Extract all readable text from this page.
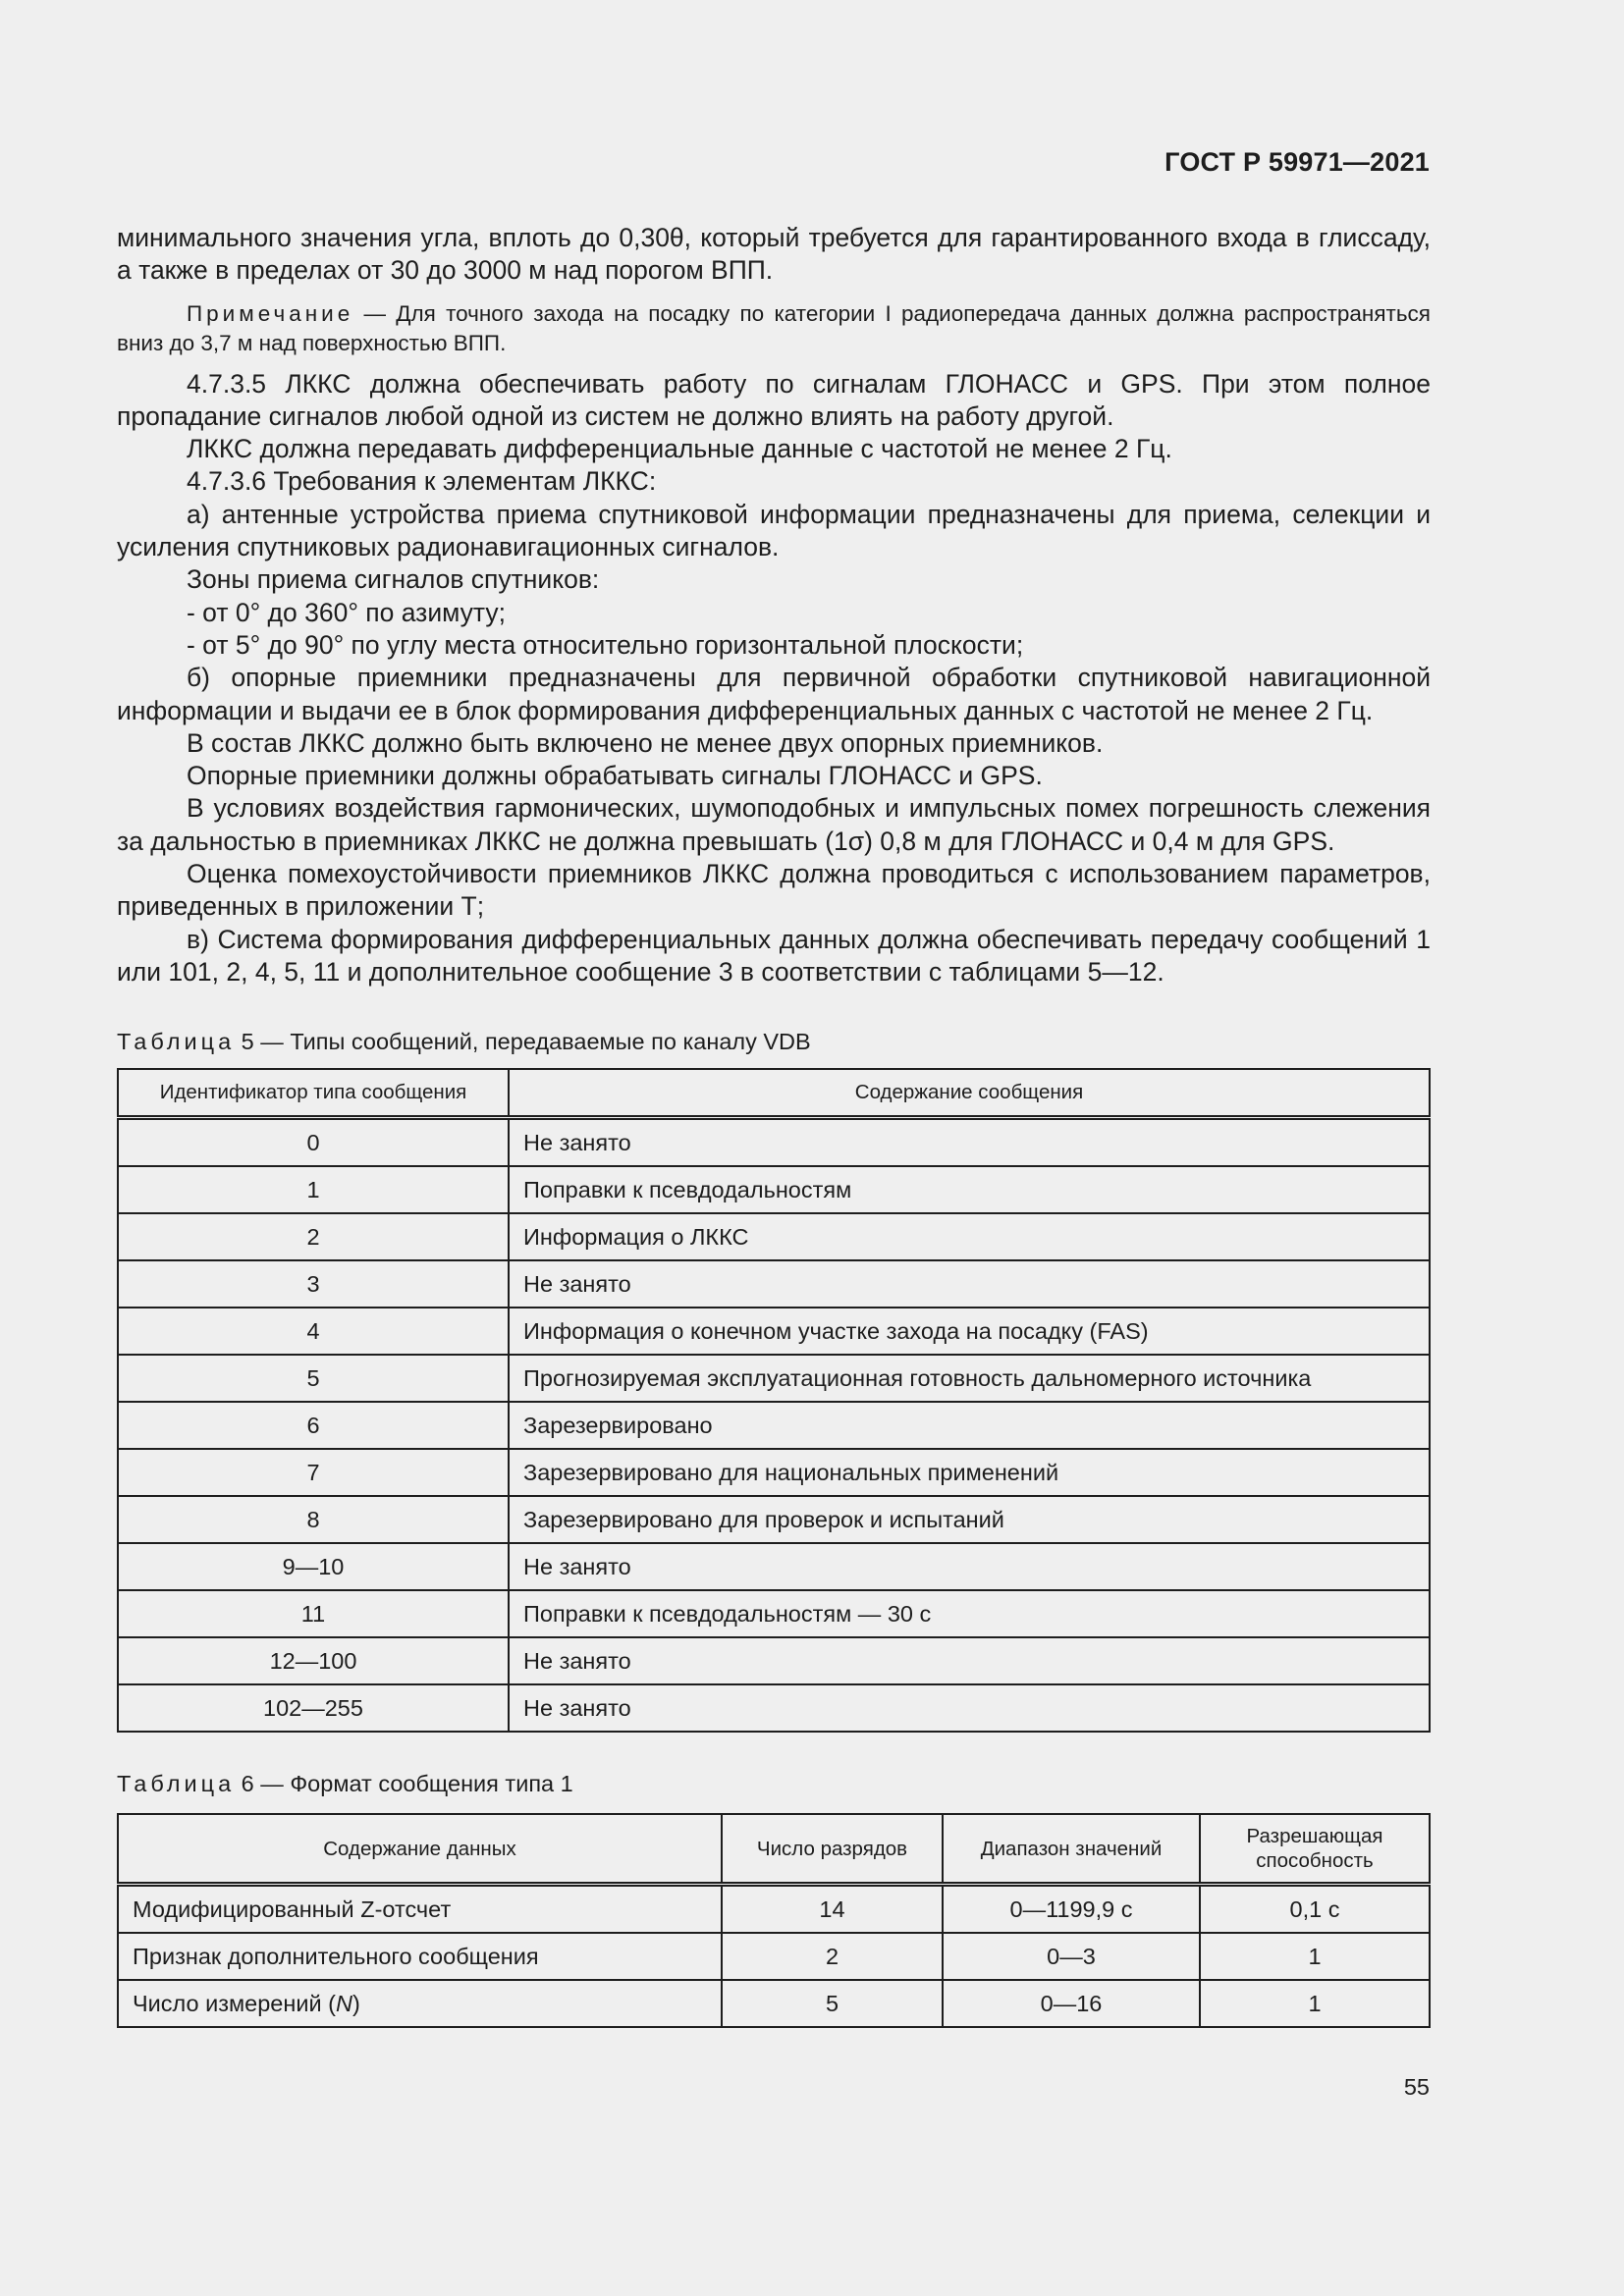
ГОСТ Р 59971—2021

минимального значения угла, вплоть до 0,30θ, который требуется для гарантированного входа в глиссаду, а также в пределах от 30 до 3000 м над порогом ВПП.

Примечание — Для точного захода на посадку по категории I радиопередача данных должна распространяться вниз до 3,7 м над поверхностью ВПП.

4.7.3.5 ЛККС должна обеспечивать работу по сигналам ГЛОНАСС и GPS. При этом полное пропадание сигналов любой одной из систем не должно влиять на работу другой.

ЛККС должна передавать дифференциальные данные с частотой не менее 2 Гц.

4.7.3.6 Требования к элементам ЛККС:

а) антенные устройства приема спутниковой информации предназначены для приема, селекции и усиления спутниковых радионавигационных сигналов.

Зоны приема сигналов спутников:

- от 0° до 360° по азимуту;

- от 5° до 90° по углу места относительно горизонтальной плоскости;

б) опорные приемники предназначены для первичной обработки спутниковой навигационной информации и выдачи ее в блок формирования дифференциальных данных с частотой не менее 2 Гц.

В состав ЛККС должно быть включено не менее двух опорных приемников.

Опорные приемники должны обрабатывать сигналы ГЛОНАСС и GPS.

В условиях воздействия гармонических, шумоподобных и импульсных помех погрешность слежения за дальностью в приемниках ЛККС не должна превышать (1σ) 0,8 м для ГЛОНАСС и 0,4 м для GPS.

Оценка помехоустойчивости приемников ЛККС должна проводиться с использованием параметров, приведенных в приложении Т;

в) Система формирования дифференциальных данных должна обеспечивать передачу сообщений 1 или 101, 2, 4, 5, 11 и дополнительное сообщение 3 в соответствии с таблицами 5—12.

Таблица 5 — Типы сообщений, передаваемые по каналу VDB
Идентификатор типа сообщения	Содержание сообщения
0	Не занято
1	Поправки к псевдодальностям
2	Информация о ЛККС
3	Не занято
4	Информация о конечном участке захода на посадку (FAS)
5	Прогнозируемая эксплуатационная готовность дальномерного источника
6	Зарезервировано
7	Зарезервировано для национальных применений
8	Зарезервировано для проверок и испытаний
9—10	Не занято
11	Поправки к псевдодальностям — 30 с
12—100	Не занято
102—255	Не занято
Таблица 6 — Формат сообщения типа 1
Содержание данных	Число разрядов	Диапазон значений	Разрешающая способность
Модифицированный Z-отсчет	14	0—1199,9 с	0,1 с
Признак дополнительного сообщения	2	0—3	1
Число измерений (N)	5	0—16	1
55
